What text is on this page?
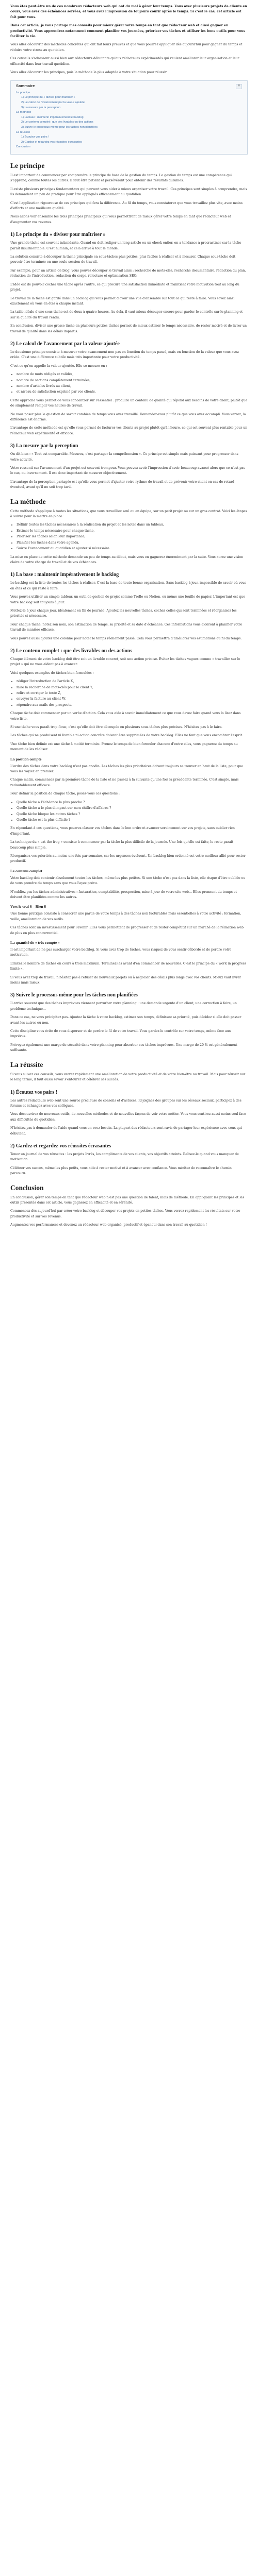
Vous êtes peut-être un de ces nombreux rédacteurs web qui ont du mal à gérer leur temps. Vous avez plusieurs projets de clients en cours, vous avez des échéances serrées, et vous avez l'impression de toujours courir après le temps. Si c'est le cas, cet article est fait pour vous.

Dans cet article, je vous partage mes conseils pour mieux gérer votre temps en tant que rédacteur web et ainsi gagner en productivité. Vous apprendrez notamment comment planifier vos journées, prioriser vos tâches et utiliser les bons outils pour vous faciliter la vie.

Vous allez découvrir des méthodes concrètes qui ont fait leurs preuves et que vous pourrez appliquer dès aujourd'hui pour gagner du temps et réduire votre stress au quotidien.

Ces conseils s'adressent aussi bien aux rédacteurs débutants qu'aux rédacteurs expérimentés qui veulent améliorer leur organisation et leur efficacité dans leur travail quotidien.

Vous allez découvrir les principes, puis la méthode la plus adaptée à votre situation pour réussir.

Sommaire	≡
Le principe
1) Le principe du « diviser pour maîtriser »
2) Le calcul de l'avancement par la valeur ajoutée
3) La mesure par la perception
La méthode
1) La base : maintenir impérativement le backlog
2) Le contenu complet : que des livrables ou des actions
3) Suivre le processus même pour les tâches non planifiées
La réussite
1) Écoutez vos pairs !
2) Gardez et regardez vos réussites écrasantes
Conclusion
Le principe

Il est important de commencer par comprendre le principe de base de la gestion du temps. La gestion du temps est une compétence qui s'apprend, comme toutes les autres. Il faut être patient et persévérant pour obtenir des résultats durables.

Il existe plusieurs principes fondamentaux qui peuvent vous aider à mieux organiser votre travail. Ces principes sont simples à comprendre, mais ils demandent un peu de pratique pour être appliqués efficacement au quotidien.

C'est l'application rigoureuse de ces principes qui fera la différence. Au fil du temps, vous constaterez que vous travaillez plus vite, avec moins d'efforts et une meilleure qualité.

Nous allons voir ensemble les trois principes principaux qui vous permettront de mieux gérer votre temps en tant que rédacteur web et d'augmenter vos revenus.

1) Le principe du « diviser pour maîtriser »

Une grande tâche est souvent intimidante. Quand on doit rédiger un long article ou un ebook entier, on a tendance à procrastiner car la tâche paraît insurmontable. C'est humain, et cela arrive à tout le monde.

La solution consiste à découper la tâche principale en sous-tâches plus petites, plus faciles à réaliser et à mesurer. Chaque sous-tâche doit pouvoir être terminée en une seule session de travail.

Par exemple, pour un article de blog, vous pouvez découper le travail ainsi : recherche de mots-clés, recherche documentaire, rédaction du plan, rédaction de l'introduction, rédaction du corps, relecture et optimisation SEO.

L'idée est de pouvoir cocher une tâche après l'autre, ce qui procure une satisfaction immédiate et maintient votre motivation tout au long du projet.

Le travail de la tâche est gardé dans un backlog qui vous permet d'avoir une vue d'ensemble sur tout ce qui reste à faire. Vous savez ainsi exactement où vous en êtes à chaque instant.

La taille idéale d'une sous-tâche est de deux à quatre heures. Au-delà, il vaut mieux découper encore pour garder le contrôle sur le planning et sur la qualité du travail rendu.

En conclusion, diviser une grosse tâche en plusieurs petites tâches permet de mieux estimer le temps nécessaire, de rester motivé et de livrer un travail de qualité dans les délais impartis.

2) Le calcul de l'avancement par la valeur ajoutée

Le deuxième principe consiste à mesurer votre avancement non pas en fonction du temps passé, mais en fonction de la valeur que vous avez créée. C'est une différence subtile mais très importante pour votre productivité.

C'est ce qu'on appelle la valeur ajoutée. Elle se mesure en :

• nombre de mots rédigés et validés,
• nombre de sections complètement terminées,
• nombre d'articles livrés au client,
• et niveau de satisfaction exprimé par vos clients.

Cette approche vous permet de vous concentrer sur l'essentiel : produire un contenu de qualité qui répond aux besoins de votre client, plutôt que de simplement remplir vos heures de travail.

Ne vous posez plus la question de savoir combien de temps vous avez travaillé. Demandez-vous plutôt ce que vous avez accompli. Vous verrez, la différence est énorme.

L'avantage de cette méthode est qu'elle vous permet de facturer vos clients au projet plutôt qu'à l'heure, ce qui est souvent plus rentable pour un rédacteur web expérimenté et efficace.

3) La mesure par la perception

On dit bien : « Tout est comparable. Mesurez, c'est partager la compréhension ». Ce principe est simple mais puissant pour progresser dans votre activité.

Votre ressenti sur l'avancement d'un projet est souvent trompeur. Vous pouvez avoir l'impression d'avoir beaucoup avancé alors que ce n'est pas le cas, ou inversement. Il est donc important de mesurer objectivement.

L'avantage de la perception partagée est qu'elle vous permet d'ajuster votre rythme de travail et de prévenir votre client en cas de retard éventuel, avant qu'il ne soit trop tard.

La méthode

Cette méthode s'applique à toutes les situations, que vous travailliez seul ou en équipe, sur un petit projet ou sur un gros contrat. Voici les étapes à suivre pour la mettre en place :

• Définir toutes les tâches nécessaires à la réalisation du projet et les noter dans un tableau,
• Estimer le temps nécessaire pour chaque tâche,
• Prioriser les tâches selon leur importance,
• Planifier les tâches dans votre agenda,
• Suivre l'avancement au quotidien et ajuster si nécessaire.

La mise en place de cette méthode demande un peu de temps au début, mais vous en gagnerez énormément par la suite. Vous aurez une vision claire de votre charge de travail et de vos échéances.

1) La base : maintenir impérativement le backlog

Le backlog est la liste de toutes les tâches à réaliser. C'est la base de toute bonne organisation. Sans backlog à jour, impossible de savoir où vous en êtes et ce qui reste à faire.

Vous pouvez utiliser un simple tableur, un outil de gestion de projet comme Trello ou Notion, ou même une feuille de papier. L'important est que votre backlog soit toujours à jour.

Mettez-le à jour chaque jour, idéalement en fin de journée. Ajoutez les nouvelles tâches, cochez celles qui sont terminées et réorganisez les priorités si nécessaire.

Pour chaque tâche, notez son nom, son estimation de temps, sa priorité et sa date d'échéance. Ces informations vous aideront à planifier votre travail de manière efficace.

Vous pouvez aussi ajouter une colonne pour noter le temps réellement passé. Cela vous permettra d'améliorer vos estimations au fil du temps.

2) Le contenu complet : que des livrables ou des actions

Chaque élément de votre backlog doit être soit un livrable concret, soit une action précise. Évitez les tâches vagues comme « travailler sur le projet » qui ne vous aident pas à avancer.

Voici quelques exemples de tâches bien formulées :

• rédiger l'introduction de l'article X,
• faire la recherche de mots-clés pour le client Y,
• relire et corriger le texte Z,
• envoyer la facture au client W,
• répondre aux mails des prospects.

Chaque tâche doit commencer par un verbe d'action. Cela vous aide à savoir immédiatement ce que vous devez faire quand vous la lisez dans votre liste.

Si une tâche vous paraît trop floue, c'est qu'elle doit être découpée en plusieurs sous-tâches plus précises. N'hésitez pas à le faire.

Les tâches qui ne produisent ni livrable ni action concrète doivent être supprimées de votre backlog. Elles ne font que vous encombrer l'esprit.

Une tâche bien définie est une tâche à moitié terminée. Prenez le temps de bien formuler chacune d'entre elles, vous gagnerez du temps au moment de les réaliser.

La position compte

L'ordre des tâches dans votre backlog n'est pas anodin. Les tâches les plus prioritaires doivent toujours se trouver en haut de la liste, pour que vous les voyiez en premier.

Chaque matin, commencez par la première tâche de la liste et ne passez à la suivante qu'une fois la précédente terminée. C'est simple, mais redoutablement efficace.

Pour définir la position de chaque tâche, posez-vous ces questions :

• Quelle tâche a l'échéance la plus proche ?
• Quelle tâche a le plus d'impact sur mon chiffre d'affaires ?
• Quelle tâche bloque les autres tâches ?
• Quelle tâche est la plus difficile ?

En répondant à ces questions, vous pourrez classer vos tâches dans le bon ordre et avancer sereinement sur vos projets, sans oublier rien d'important.

La technique du « eat the frog » consiste à commencer par la tâche la plus difficile de la journée. Une fois qu'elle est faite, le reste paraît beaucoup plus simple.

Réorganisez vos priorités au moins une fois par semaine, car les urgences évoluent. Un backlog bien ordonné est votre meilleur allié pour rester productif.

Le contenu complet

Votre backlog doit contenir absolument toutes les tâches, même les plus petites. Si une tâche n'est pas dans la liste, elle risque d'être oubliée ou de vous prendre du temps sans que vous l'ayez prévu.

N'oubliez pas les tâches administratives : facturation, comptabilité, prospection, mise à jour de votre site web... Elles prennent du temps et doivent être planifiées comme les autres.

Vers le vrai 6 – Rien 6

Une bonne pratique consiste à consacrer une partie de votre temps à des tâches non facturables mais essentielles à votre activité : formation, veille, amélioration de vos outils.

Ces tâches sont un investissement pour l'avenir. Elles vous permettent de progresser et de rester compétitif sur un marché de la rédaction web de plus en plus concurrentiel.

La quantité de « très compte »

Il est important de ne pas surcharger votre backlog. Si vous avez trop de tâches, vous risquez de vous sentir débordé et de perdre votre motivation.

Limitez le nombre de tâches en cours à trois maximum. Terminez-les avant d'en commencer de nouvelles. C'est le principe du « work in progress limité ».

Si vous avez trop de travail, n'hésitez pas à refuser de nouveaux projets ou à négocier des délais plus longs avec vos clients. Mieux vaut livrer moins mais mieux.

3) Suivre le processus même pour les tâches non planifiées

Il arrive souvent que des tâches imprévues viennent perturber votre planning : une demande urgente d'un client, une correction à faire, un problème technique...

Dans ce cas, ne vous précipitez pas. Ajoutez la tâche à votre backlog, estimez son temps, définissez sa priorité, puis décidez si elle doit passer avant les autres ou non.

Cette discipline vous évite de vous disperser et de perdre le fil de votre travail. Vous gardez le contrôle sur votre temps, même face aux imprévus.

Prévoyez également une marge de sécurité dans votre planning pour absorber ces tâches imprévues. Une marge de 20 % est généralement suffisante.

La réussite

Si vous suivez ces conseils, vous verrez rapidement une amélioration de votre productivité et de votre bien-être au travail. Mais pour réussir sur le long terme, il faut aussi savoir s'entourer et célébrer ses succès.

1) Écoutez vos pairs !

Les autres rédacteurs web sont une source précieuse de conseils et d'astuces. Rejoignez des groupes sur les réseaux sociaux, participez à des forums et échangez avec vos collègues.

Vous découvrirez de nouveaux outils, de nouvelles méthodes et de nouvelles façons de voir votre métier. Vous vous sentirez aussi moins seul face aux difficultés du quotidien.

N'hésitez pas à demander de l'aide quand vous en avez besoin. La plupart des rédacteurs sont ravis de partager leur expérience avec ceux qui débutent.

2) Gardez et regardez vos réussites écrasantes

Tenez un journal de vos réussites : les projets livrés, les compliments de vos clients, vos objectifs atteints. Relisez-le quand vous manquez de motivation.

Célébrer vos succès, même les plus petits, vous aide à rester motivé et à avancer avec confiance. Vous méritez de reconnaître le chemin parcouru.

Conclusion

En conclusion, gérer son temps en tant que rédacteur web n'est pas une question de talent, mais de méthode. En appliquant les principes et les outils présentés dans cet article, vous gagnerez en efficacité et en sérénité.

Commencez dès aujourd'hui par créer votre backlog et découper vos projets en petites tâches. Vous verrez rapidement les résultats sur votre productivité et sur vos revenus.

Augmentez vos performances et devenez un rédacteur web organisé, productif et épanoui dans son travail au quotidien !
